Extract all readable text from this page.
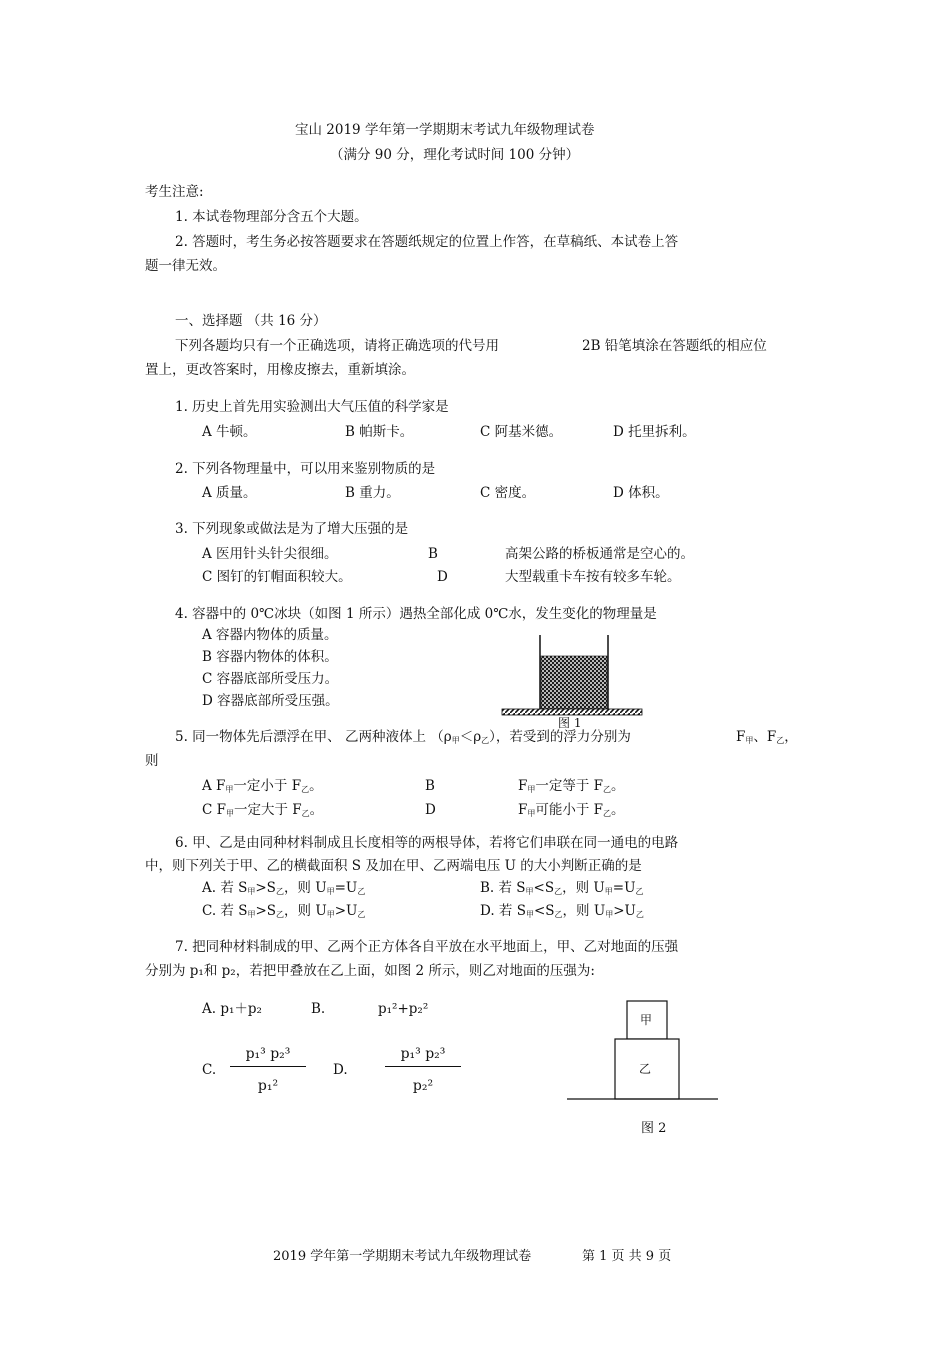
宝山 2019 学年第一学期期末考试九年级物理试卷
（满分 90 分，理化考试时间 100 分钟）
考生注意:
1. 本试卷物理部分含五个大题。
2. 答题时，考生务必按答题要求在答题纸规定的位置上作答，在草稿纸、本试卷上答
题一律无效。
一、选择题 （共 16 分）
下列各题均只有一个正确选项，请将正确选项的代号用	2B 铅笔填涂在答题纸的相应位
置上，更改答案时，用橡皮擦去，重新填涂。
1. 历史上首先用实验测出大气压值的科学家是
A 牛顿。	B 帕斯卡。	C 阿基米德。	D 托里拆利。
2. 下列各物理量中，可以用来鉴别物质的是
A 质量。	B 重力。	C 密度。	D 体积。
3. 下列现象或做法是为了增大压强的是
A 医用针头针尖很细。	B	高架公路的桥板通常是空心的。
C 图钉的钉帽面积较大。	D	大型载重卡车按有较多车轮。
4. 容器中的 0℃冰块（如图 1 所示）遇热全部化成 0℃水，发生变化的物理量是
A 容器内物体的质量。
B 容器内物体的体积。
C 容器底部所受压力。
D 容器底部所受压强。
图 1
5. 同一物体先后漂浮在甲、 乙两种液体上 （ρ甲＜ρ乙），若受到的浮力分别为	F甲、F乙，
则
A F甲一定小于 F乙。	B	F甲一定等于 F乙。
C F甲一定大于 F乙。	D	F甲可能小于 F乙。
6. 甲、乙是由同种材料制成且长度相等的两根导体，若将它们串联在同一通电的电路
中，则下列关于甲、乙的横截面积 S 及加在甲、乙两端电压 U 的大小判断正确的是
A. 若 S甲>S乙，则 U甲=U乙	B. 若 S甲<S乙，则 U甲=U乙
C. 若 S甲>S乙，则 U甲>U乙	D. 若 S甲<S乙，则 U甲>U乙
7. 把同种材料制成的甲、乙两个正方体各自平放在水平地面上，甲、乙对地面的压强
分别为 p₁和 p₂，若把甲叠放在乙上面，如图 2 所示，则乙对地面的压强为:
A. p₁＋p₂	B.	p₁²+p₂²
C.
p₁³ p₂³
p₁²
D.
p₁³ p₂³
p₂²
甲
乙
图 2
2019 学年第一学期期末考试九年级物理试卷	第 1 页 共 9 页
